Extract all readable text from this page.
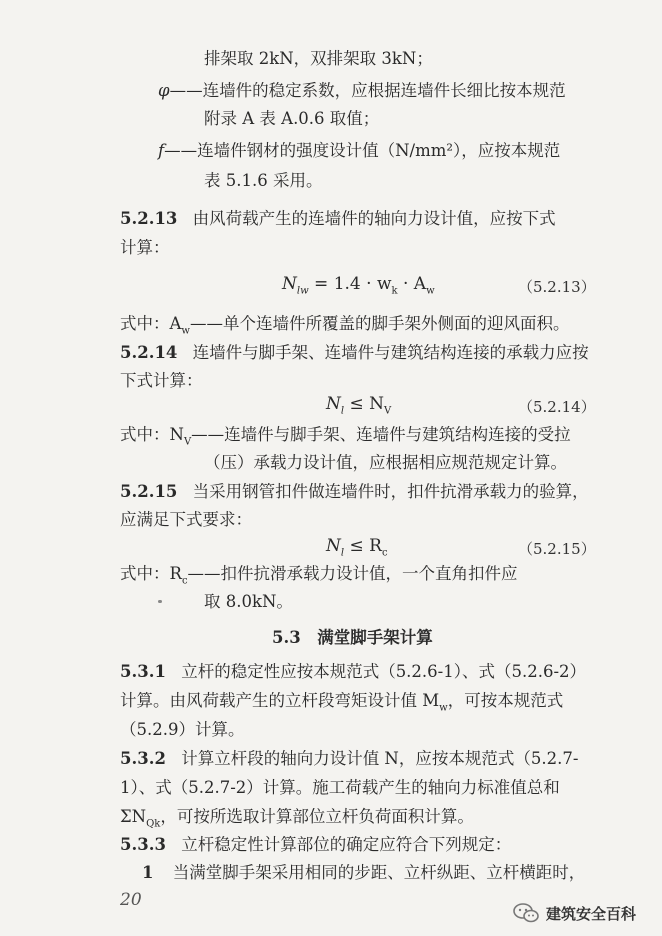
排架取 2kN，双排架取 3kN；
φ——连墙件的稳定系数，应根据连墙件长细比按本规范
附录 A 表 A.0.6 取值；
f——连墙件钢材的强度设计值（N/mm²），应按本规范
表 5.1.6 采用。
5.2.13 由风荷载产生的连墙件的轴向力设计值，应按下式
计算：
$N_{lw} = 1.4 \cdot w_k \cdot A_w$	（5.2.13）
式中：$A_w——$单个连墙件所覆盖的脚手架外侧面的迎风面积。
5.2.14 连墙件与脚手架、连墙件与建筑结构连接的承载力应按
下式计算：
$N_l \le N_V$	（5.2.14）
式中：$N_V——$连墙件与脚手架、连墙件与建筑结构连接的受拉
（压）承载力设计值，应根据相应规范规定计算。
5.2.15 当采用钢管扣件做连墙件时，扣件抗滑承载力的验算，
应满足下式要求：
$N_l \le R_c$	（5.2.15）
式中：$R_c——$扣件抗滑承载力设计值，一个直角扣件应
取 8.0kN。
5.3　满堂脚手架计算
5.3.1 立杆的稳定性应按本规范式（5.2.6-1）、式（5.2.6-2）
计算。由风荷载产生的立杆段弯矩设计值 $M_w$，可按本规范式
（5.2.9）计算。
5.3.2 计算立杆段的轴向力设计值 N，应按本规范式（5.2.7-
1）、式（5.2.7-2）计算。施工荷载产生的轴向力标准值总和
$\Sigma N_{Qk}$，可按所选取计算部位立杆负荷面积计算。
5.3.3 立杆稳定性计算部位的确定应符合下列规定：
1 当满堂脚手架采用相同的步距、立杆纵距、立杆横距时，
20
建筑安全百科
